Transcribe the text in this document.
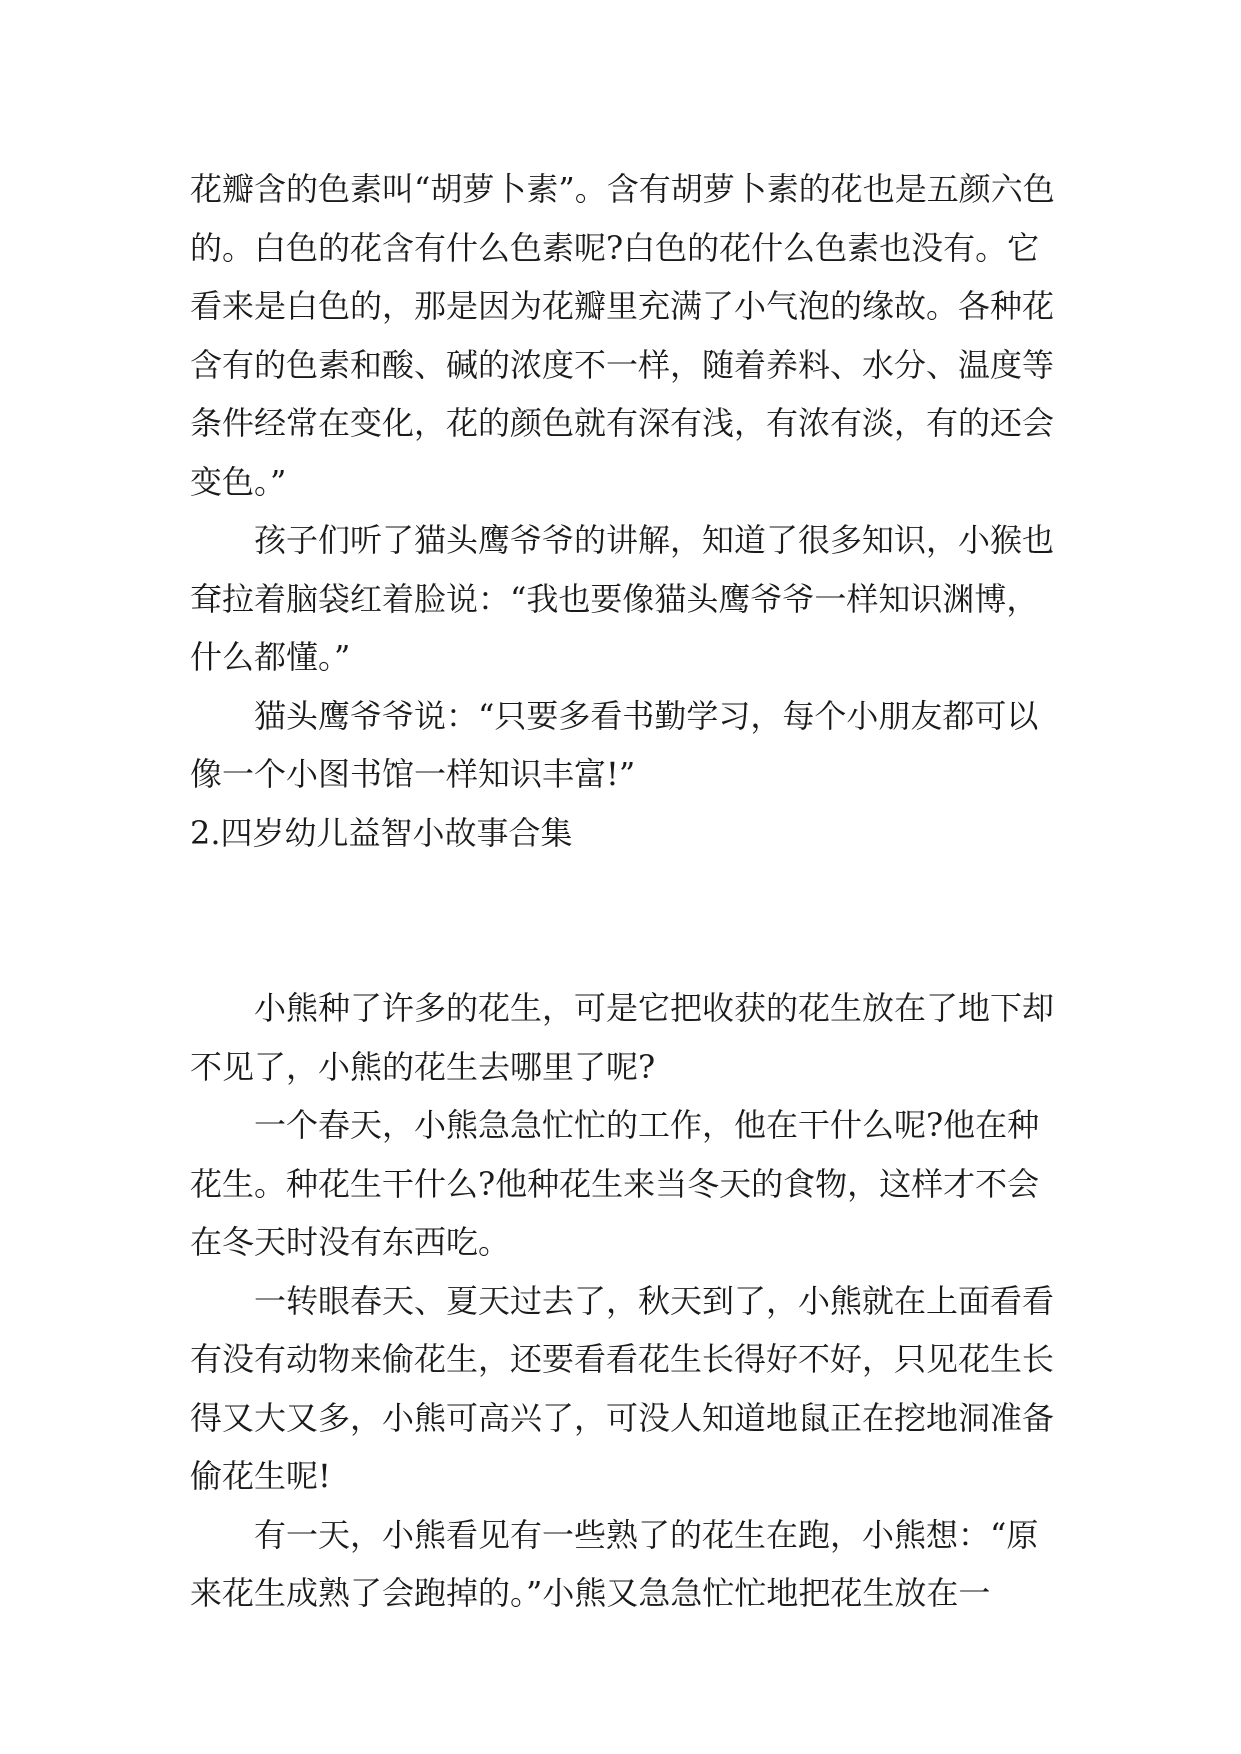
花瓣含的色素叫“胡萝卜素”。含有胡萝卜素的花也是五颜六色的。白色的花含有什么色素呢?白色的花什么色素也没有。它看来是白色的，那是因为花瓣里充满了小气泡的缘故。各种花含有的色素和酸、碱的浓度不一样，随着养料、水分、温度等条件经常在变化，花的颜色就有深有浅，有浓有淡，有的还会变色。”

孩子们听了猫头鹰爷爷的讲解，知道了很多知识，小猴也耷拉着脑袋红着脸说：“我也要像猫头鹰爷爷一样知识渊博，什么都懂。”

猫头鹰爷爷说：“只要多看书勤学习，每个小朋友都可以像一个小图书馆一样知识丰富!”

2.四岁幼儿益智小故事合集

小熊种了许多的花生，可是它把收获的花生放在了地下却不见了，小熊的花生去哪里了呢?

一个春天，小熊急急忙忙的工作，他在干什么呢?他在种花生。种花生干什么?他种花生来当冬天的食物，这样才不会在冬天时没有东西吃。

一转眼春天、夏天过去了，秋天到了，小熊就在上面看看有没有动物来偷花生，还要看看花生长得好不好，只见花生长得又大又多，小熊可高兴了，可没人知道地鼠正在挖地洞准备偷花生呢!

有一天，小熊看见有一些熟了的花生在跑，小熊想：“原来花生成熟了会跑掉的。”小熊又急急忙忙地把花生放在一
